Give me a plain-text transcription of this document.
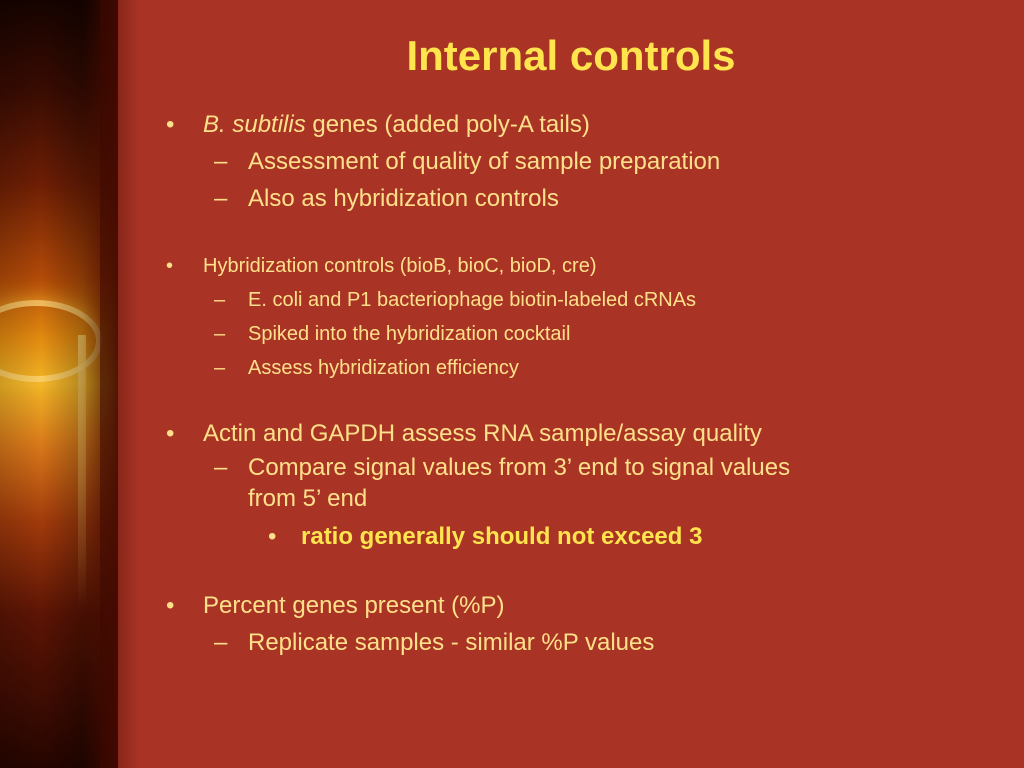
Internal controls
• B. subtilis genes (added poly-A tails)
– Assessment of quality of sample preparation
– Also as hybridization controls
• Hybridization controls (bioB, bioC, bioD, cre)
– E. coli and P1 bacteriophage biotin-labeled cRNAs
– Spiked into the hybridization cocktail
– Assess hybridization efficiency
• Actin and GAPDH assess RNA sample/assay quality
– Compare signal values from 3’ end to signal values
from 5’ end
• ratio generally should not exceed 3
• Percent genes present (%P)
– Replicate samples - similar %P values
